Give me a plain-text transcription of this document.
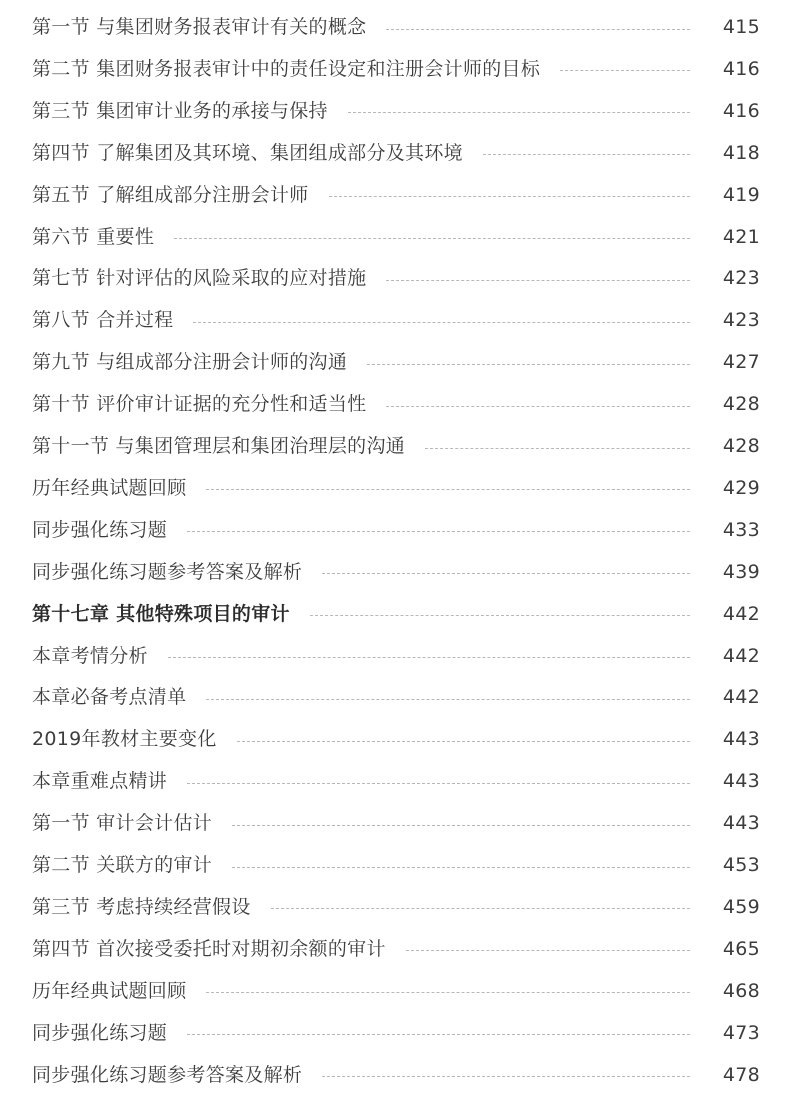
第一节 与集团财务报表审计有关的概念	415
第二节 集团财务报表审计中的责任设定和注册会计师的目标	416
第三节 集团审计业务的承接与保持	416
第四节 了解集团及其环境、集团组成部分及其环境	418
第五节 了解组成部分注册会计师	419
第六节 重要性	421
第七节 针对评估的风险采取的应对措施	423
第八节 合并过程	423
第九节 与组成部分注册会计师的沟通	427
第十节 评价审计证据的充分性和适当性	428
第十一节 与集团管理层和集团治理层的沟通	428
历年经典试题回顾	429
同步强化练习题	433
同步强化练习题参考答案及解析	439
第十七章 其他特殊项目的审计	442
本章考情分析	442
本章必备考点清单	442
2019年教材主要变化	443
本章重难点精讲	443
第一节 审计会计估计	443
第二节 关联方的审计	453
第三节 考虑持续经营假设	459
第四节 首次接受委托时对期初余额的审计	465
历年经典试题回顾	468
同步强化练习题	473
同步强化练习题参考答案及解析	478
